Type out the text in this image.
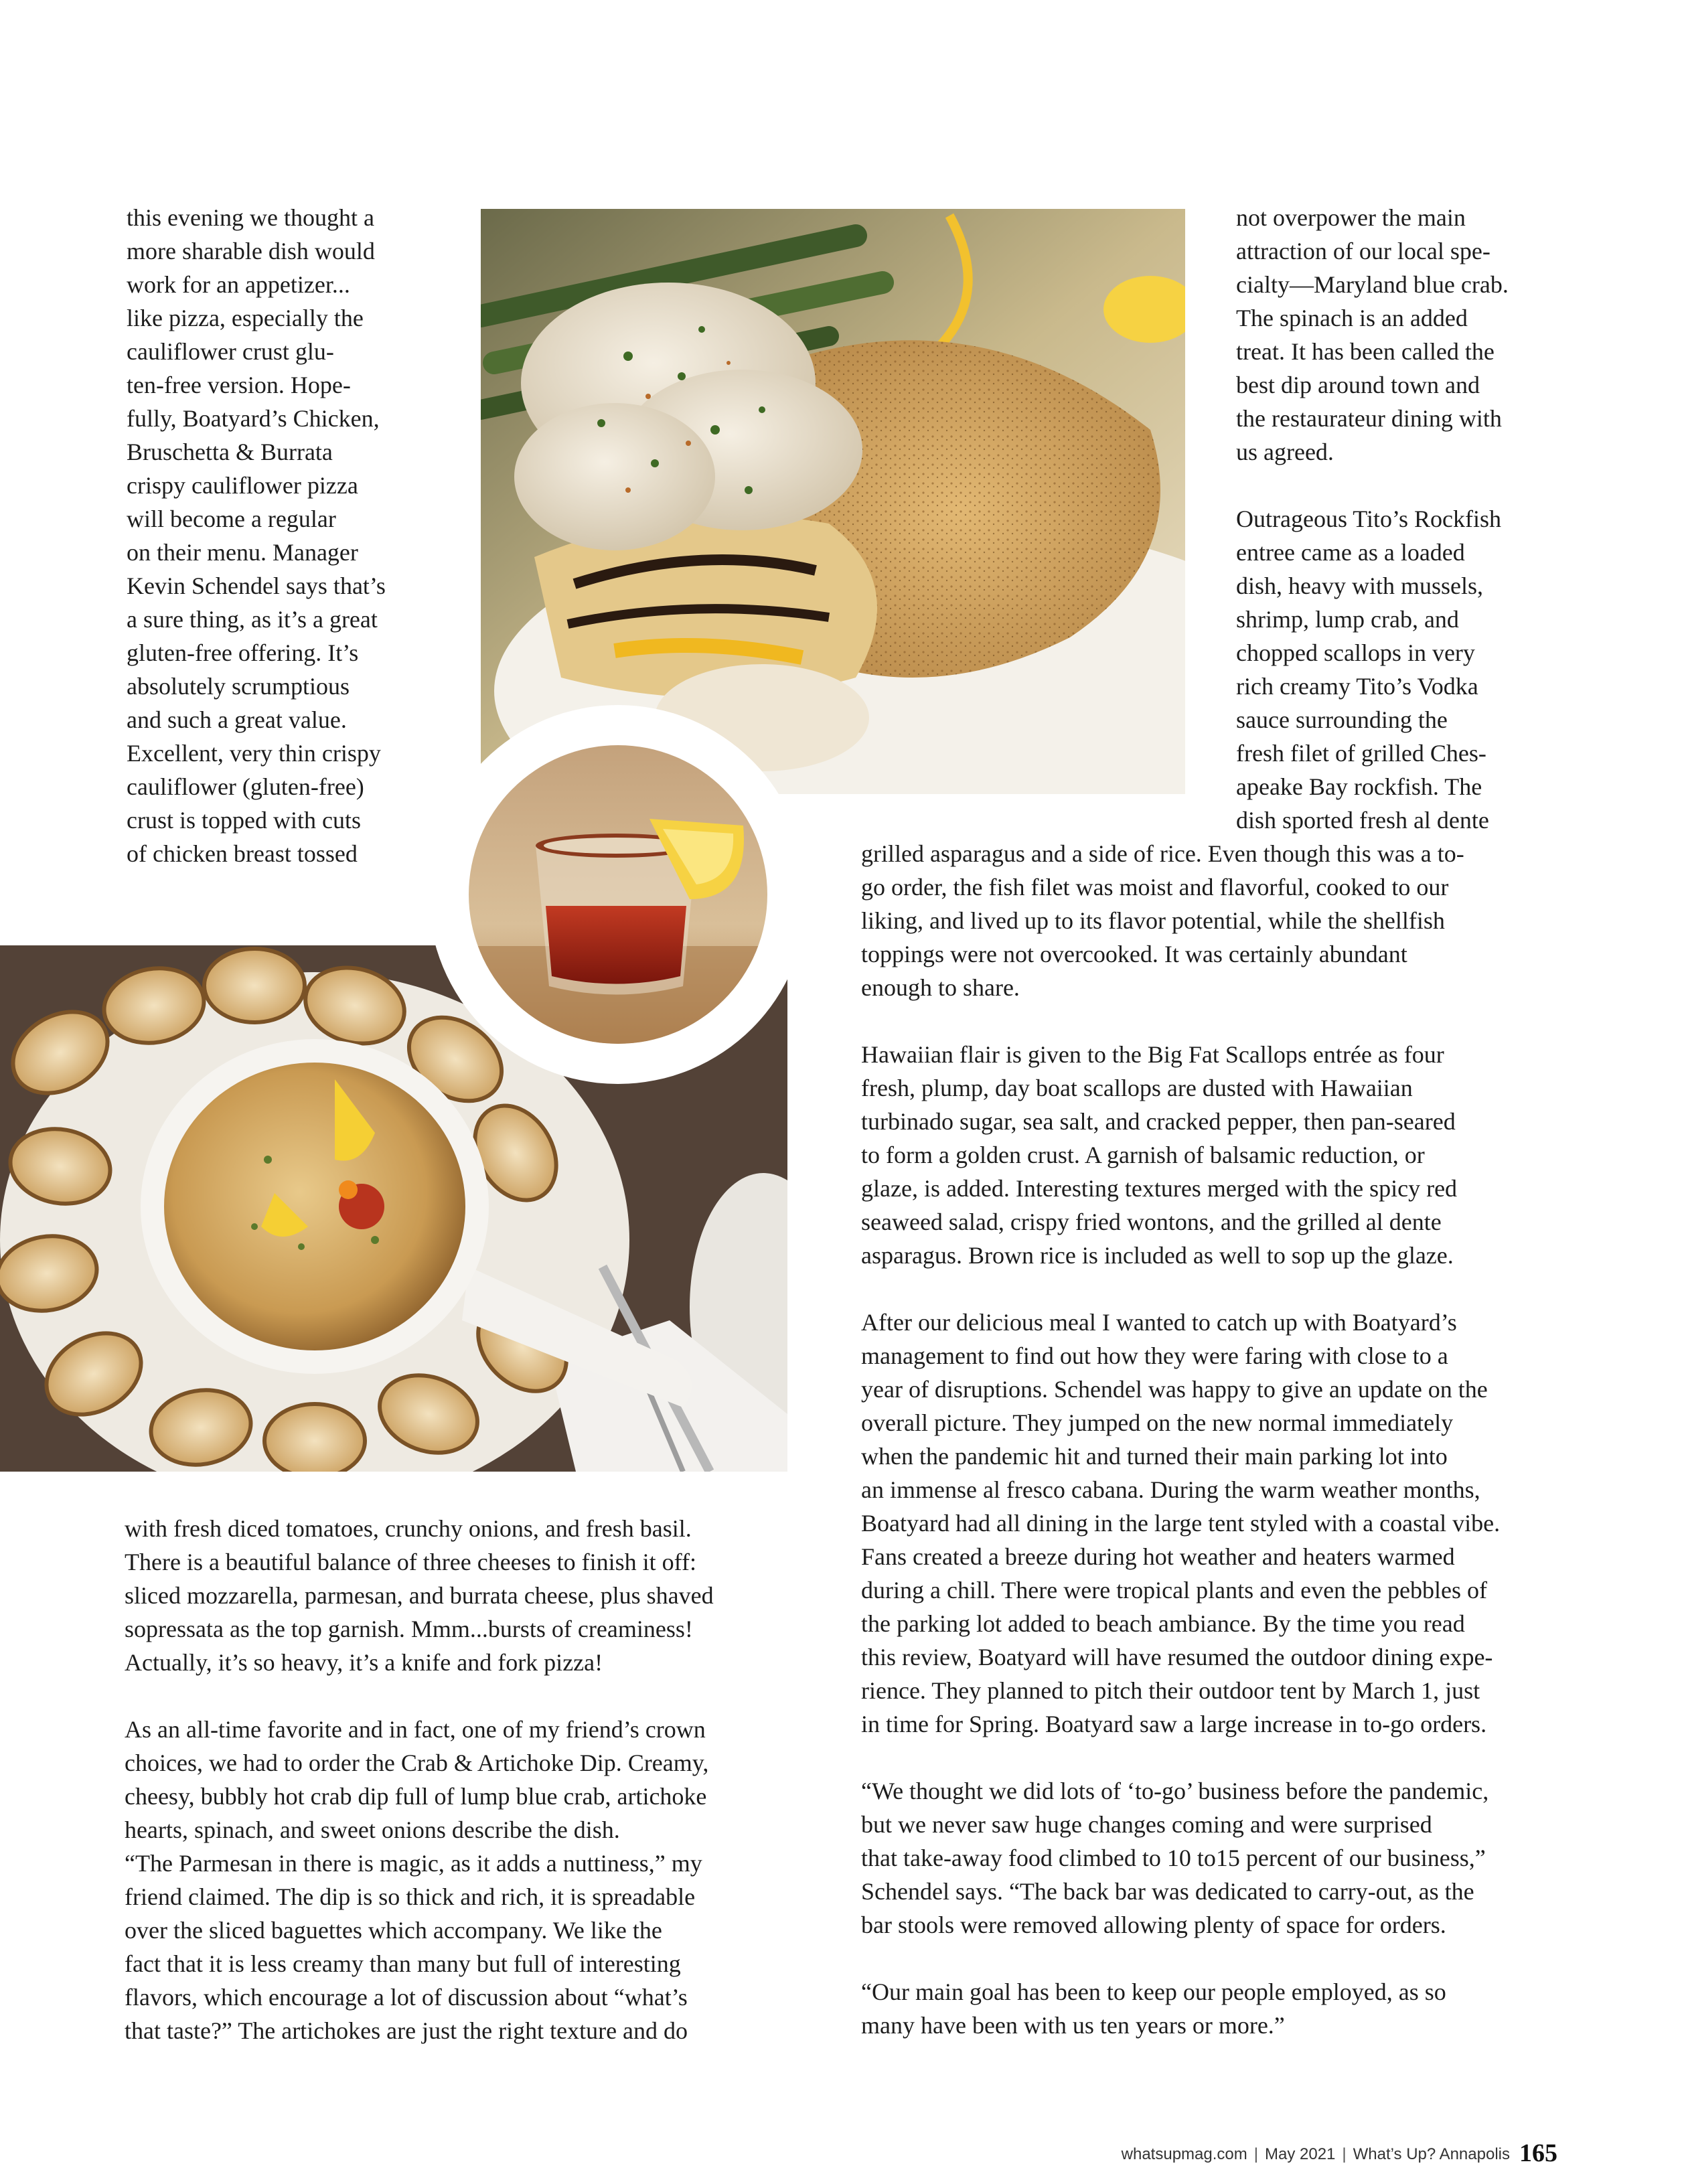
this evening we thought a
more sharable dish would
work for an appetizer...
like pizza, especially the
cauliflower crust glu-
ten-free version. Hope-
fully, Boatyard’s Chicken,
Bruschetta & Burrata
crispy cauliflower pizza
will become a regular
on their menu. Manager
Kevin Schendel says that’s
a sure thing, as it’s a great
gluten-free offering. It’s
absolutely scrumptious
and such a great value.
Excellent, very thin crispy
cauliflower (gluten-free)
crust is topped with cuts
of chicken breast tossed
not overpower the main
attraction of our local spe-
cialty—Maryland blue crab.
The spinach is an added
treat. It has been called the
best dip around town and
the restaurateur dining with
us agreed.
Outrageous Tito’s Rockfish
entree came as a loaded
dish, heavy with mussels,
shrimp, lump crab, and
chopped scallops in very
rich creamy Tito’s Vodka
sauce surrounding the
fresh filet of grilled Ches-
apeake Bay rockfish. The
dish sported fresh al dente
grilled asparagus and a side of rice. Even though this was a to-
go order, the fish filet was moist and flavorful, cooked to our
liking, and lived up to its flavor potential, while the shellfish
toppings were not overcooked. It was certainly abundant
enough to share.
Hawaiian flair is given to the Big Fat Scallops entrée as four
fresh, plump, day boat scallops are dusted with Hawaiian
turbinado sugar, sea salt, and cracked pepper, then pan-seared
to form a golden crust. A garnish of balsamic reduction, or
glaze, is added. Interesting textures merged with the spicy red
seaweed salad, crispy fried wontons, and the grilled al dente
asparagus. Brown rice is included as well to sop up the glaze.
After our delicious meal I wanted to catch up with Boatyard’s
management to find out how they were faring with close to a
year of disruptions. Schendel was happy to give an update on the
overall picture. They jumped on the new normal immediately
when the pandemic hit and turned their main parking lot into
an immense al fresco cabana. During the warm weather months,
Boatyard had all dining in the large tent styled with a coastal vibe.
Fans created a breeze during hot weather and heaters warmed
during a chill. There were tropical plants and even the pebbles of
the parking lot added to beach ambiance. By the time you read
this review, Boatyard will have resumed the outdoor dining expe-
rience. They planned to pitch their outdoor tent by March 1, just
in time for Spring. Boatyard saw a large increase in to-go orders.
“We thought we did lots of ‘to-go’ business before the pandemic,
but we never saw huge changes coming and were surprised
that take-away food climbed to 10 to15 percent of our business,”
Schendel says. “The back bar was dedicated to carry-out, as the
bar stools were removed allowing plenty of space for orders.
“Our main goal has been to keep our people employed, as so
many have been with us ten years or more.”
with fresh diced tomatoes, crunchy onions, and fresh basil.
There is a beautiful balance of three cheeses to finish it off:
sliced mozzarella, parmesan, and burrata cheese, plus shaved
sopressata as the top garnish. Mmm...bursts of creaminess!
Actually, it’s so heavy, it’s a knife and fork pizza!
As an all-time favorite and in fact, one of my friend’s crown
choices, we had to order the Crab & Artichoke Dip. Creamy,
cheesy, bubbly hot crab dip full of lump blue crab, artichoke
hearts, spinach, and sweet onions describe the dish.
“The Parmesan in there is magic, as it adds a nuttiness,” my
friend claimed. The dip is so thick and rich, it is spreadable
over the sliced baguettes which accompany. We like the
fact that it is less creamy than many but full of interesting
flavors, which encourage a lot of discussion about “what’s
that taste?” The artichokes are just the right texture and do
whatsupmag.com | May 2021 | What’s Up? Annapolis 165
